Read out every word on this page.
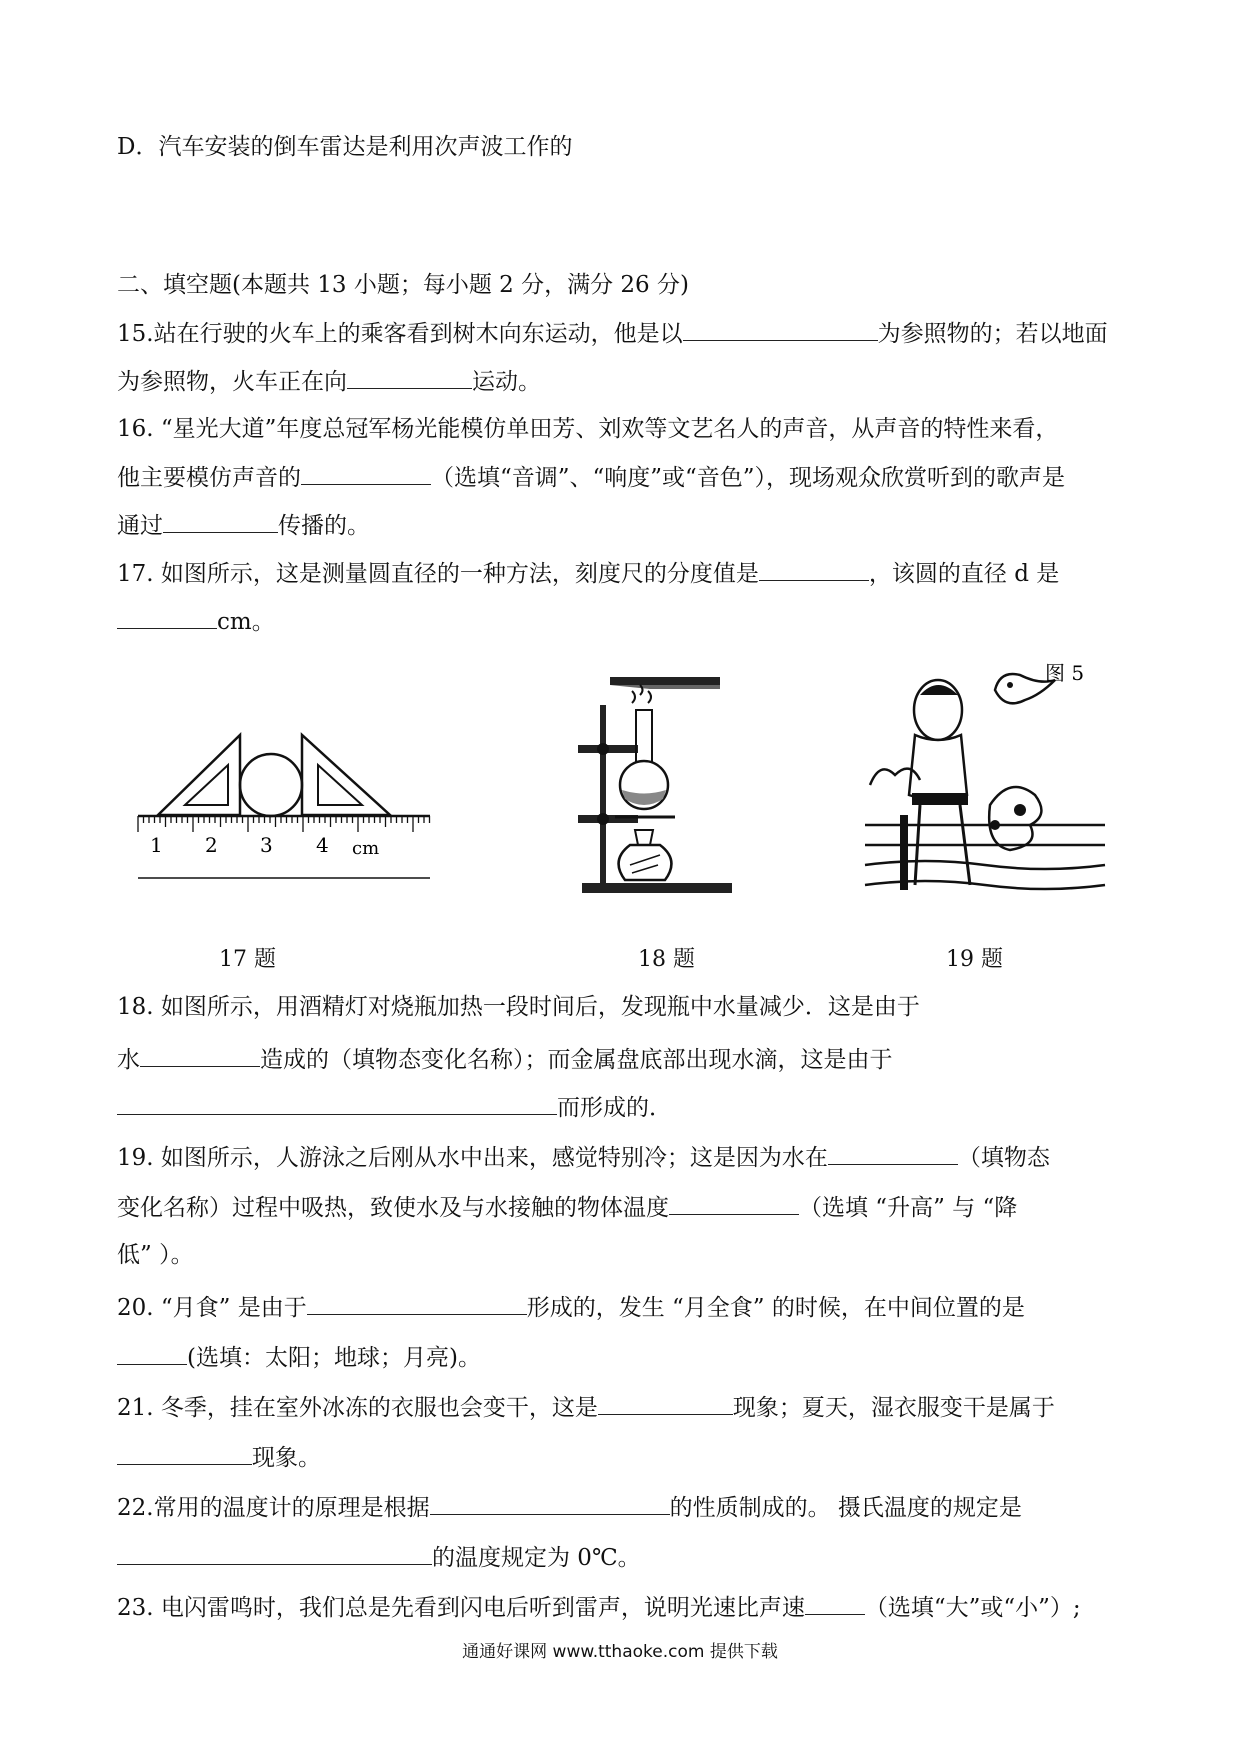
D．汽车安装的倒车雷达是利用次声波工作的
二、填空题(本题共 13 小题；每小题 2 分，满分 26 分)
15.站在行驶的火车上的乘客看到树木向东运动，他是以	为参照物的；若以地面
为参照物，火车正在向	运动。
16. “星光大道”年度总冠军杨光能模仿单田芳、刘欢等文艺名人的声音，从声音的特性来看，
他主要模仿声音的	（选填“音调”、“响度”或“音色”），现场观众欣赏听到的歌声是
通过	传播的。
17. 如图所示，这是测量圆直径的一种方法，刻度尺的分度值是	，该圆的直径 d 是
cm。
1 2 3 4 cm
图 5
17 题	18 题	19 题
18. 如图所示，用酒精灯对烧瓶加热一段时间后，发现瓶中水量减少．这是由于
水	造成的（填物态变化名称）；而金属盘底部出现水滴，这是由于
而形成的．
19. 如图所示，人游泳之后刚从水中出来，感觉特别冷；这是因为水在	（填物态
变化名称）过程中吸热，致使水及与水接触的物体温度	（选填 “升高” 与 “降
低” ）。
20. “月食” 是由于	形成的，发生 “月全食” 的时候，在中间位置的是
(选填：太阳；地球；月亮)。
21. 冬季，挂在室外冰冻的衣服也会变干，这是	现象；夏天，湿衣服变干是属于
现象。
22.常用的温度计的原理是根据	的性质制成的。 摄氏温度的规定是
的温度规定为 0℃。
23. 电闪雷鸣时，我们总是先看到闪电后听到雷声，说明光速比声速	（选填“大”或“小”）;
通通好课网 www.tthaoke.com 提供下载
